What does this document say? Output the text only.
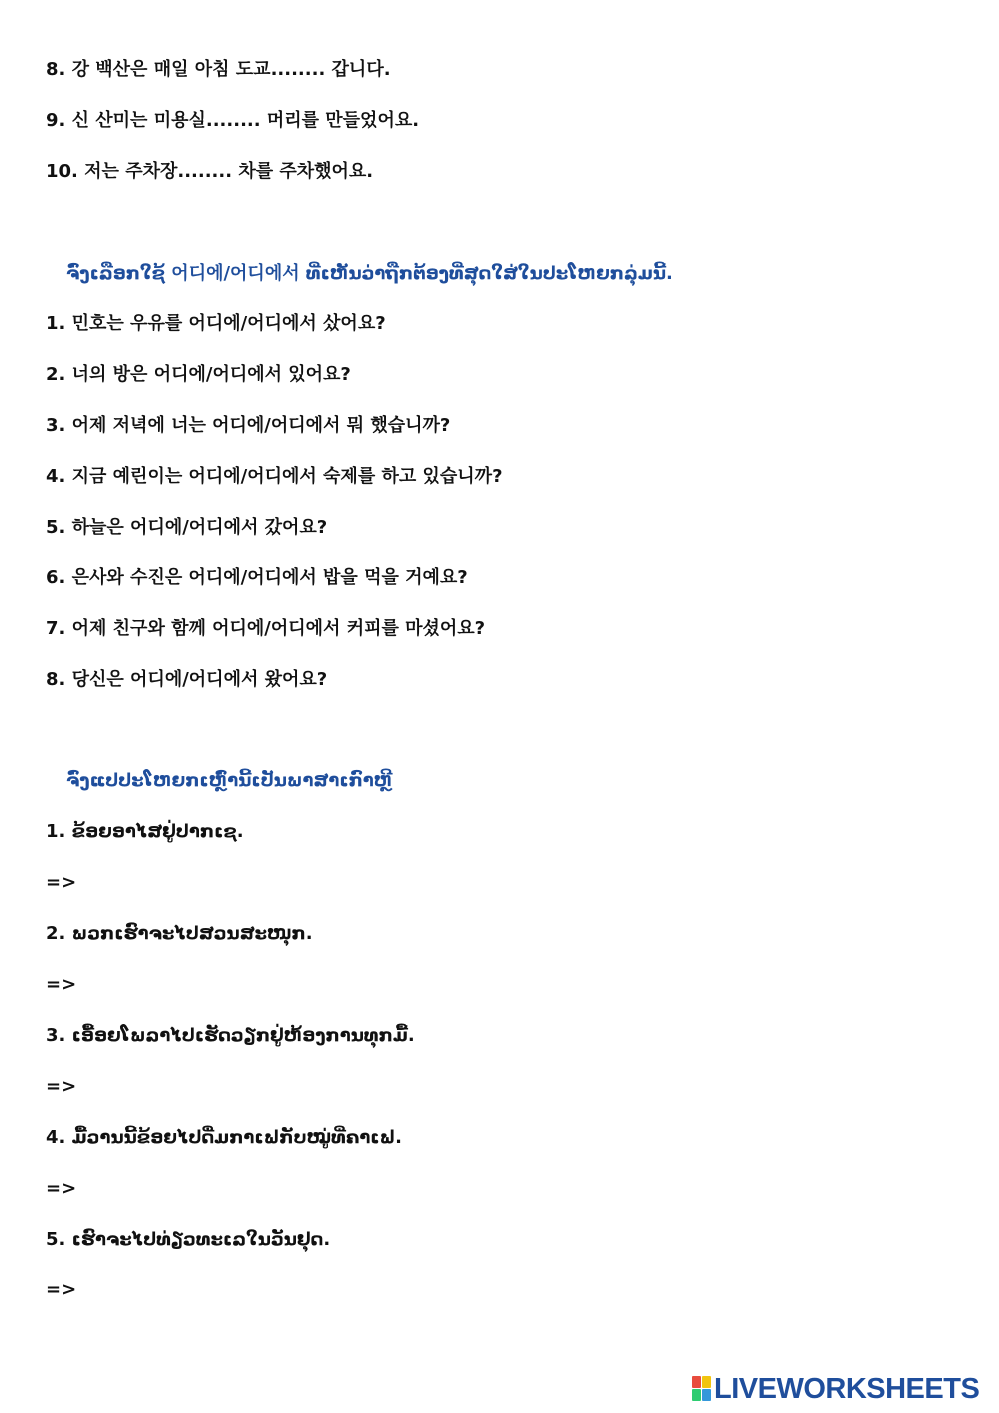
8. 강 백산은 매일 아침 도교........ 갑니다.
9. 신 산미는 미용실........ 머리를 만들었어요.
10. 저는 주차장........ 차를 주차했어요.
ຈົ່ງເລືອກໃຊ້ 어디에/어디에서 ທີ່ເຫັນວ່າຖືກຕ້ອງທີ່ສຸດໃສ່ໃນປະໂຫຍກລຸ່ມນີ້.
1. 민호는 우유를 어디에/어디에서 샀어요?
2. 너의 방은 어디에/어디에서 있어요?
3. 어제 저녁에 너는 어디에/어디에서 뭐 했습니까?
4. 지금 예린이는 어디에/어디에서 숙제를 하고 있습니까?
5. 하늘은 어디에/어디에서 갔어요?
6. 은사와 수진은 어디에/어디에서 밥을 먹을 거예요?
7. 어제 친구와 함께 어디에/어디에서 커피를 마셨어요?
8. 당신은 어디에/어디에서 왔어요?
ຈົ່ງແປປະໂຫຍກເຫຼົ່ານີ້ເປັນພາສາເກົາຫຼີ
1. ຂ້ອຍອາໄສຢູ່ປາກເຊ.
=>
2. ພວກເຮົາຈະໄປສວນສະໜຸກ.
=>
3. ເອື້ອຍໂພລາໄປເຮັດວຽກຢູ່ຫ້ອງການທຸກມື້.
=>
4. ມື້ວານນີ້ຂ້ອຍໄປດື່ມກາເຟກັບໝູ່ທີ່ຄາເຟ.
=>
5. ເຮົາຈະໄປທ່ຽວທະເລໃນວັນຢຸດ.
=>
LIVEWORKSHEETS
